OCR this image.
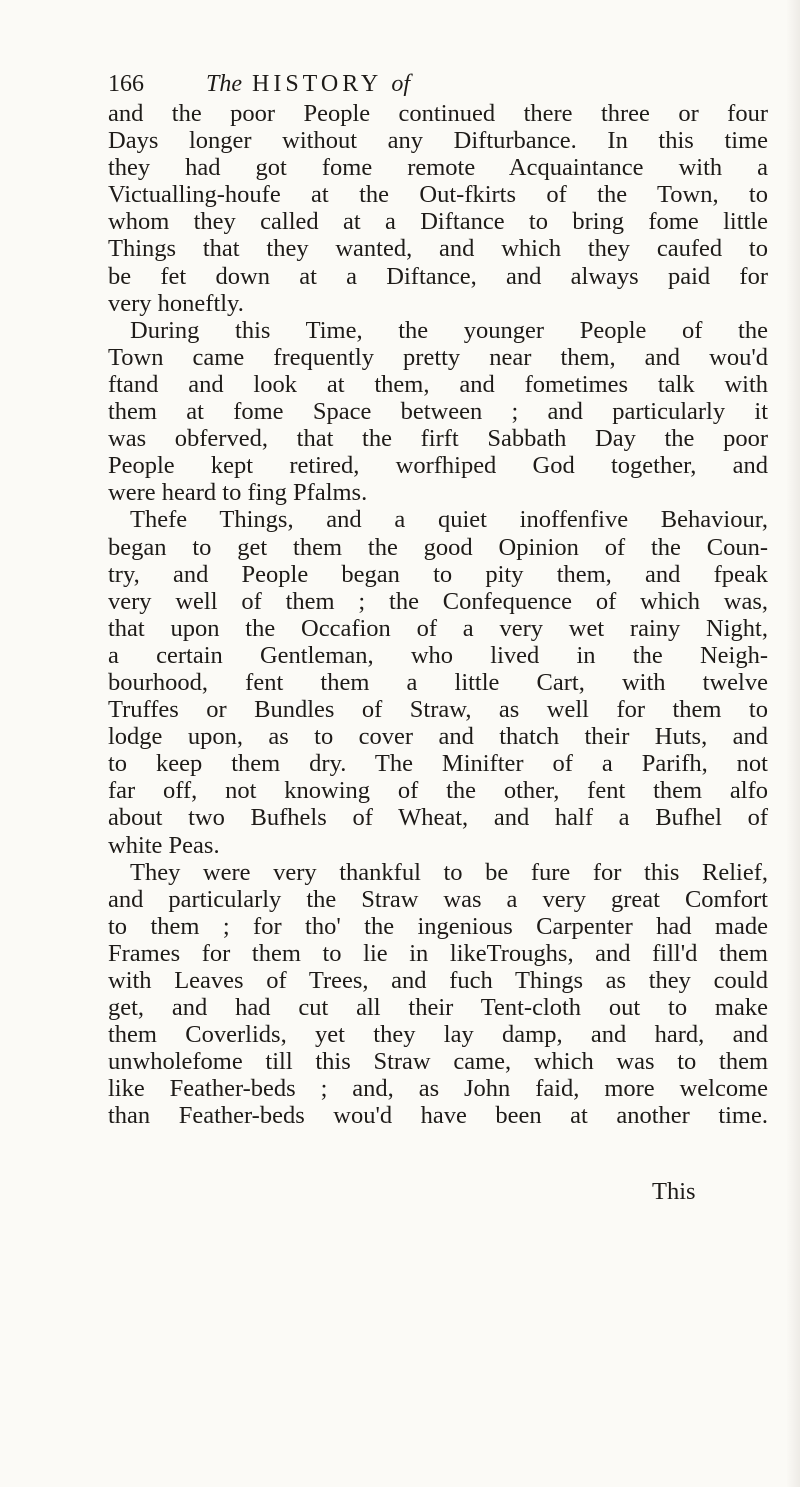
166	The HISTORY of
and the poor People continued there three or four
Days longer without any Difturbance. In this time
they had got fome remote Acquaintance with a
Victualling-houfe at the Out-fkirts of the Town, to
whom they called at a Diftance to bring fome little
Things that they wanted, and which they caufed to
be fet down at a Diftance, and always paid for
very honeftly.
During this Time, the younger People of the
Town came frequently pretty near them, and wou'd
ftand and look at them, and fometimes talk with
them at fome Space between ; and particularly it
was obferved, that the firft Sabbath Day the poor
People kept retired, worfhiped God together, and
were heard to fing Pfalms.
Thefe Things, and a quiet inoffenfive Behaviour,
began to get them the good Opinion of the Coun-
try, and People began to pity them, and fpeak
very well of them ; the Confequence of which was,
that upon the Occafion of a very wet rainy Night,
a certain Gentleman, who lived in the Neigh-
bourhood, fent them a little Cart, with twelve
Truffes or Bundles of Straw, as well for them to
lodge upon, as to cover and thatch their Huts, and
to keep them dry. The Minifter of a Parifh, not
far off, not knowing of the other, fent them alfo
about two Bufhels of Wheat, and half a Bufhel of
white Peas.
They were very thankful to be fure for this Relief,
and particularly the Straw was a very great Comfort
to them ; for tho' the ingenious Carpenter had made
Frames for them to lie in likeTroughs, and fill'd them
with Leaves of Trees, and fuch Things as they could
get, and had cut all their Tent-cloth out to make
them Coverlids, yet they lay damp, and hard, and
unwholefome till this Straw came, which was to them
like Feather-beds ; and, as John faid, more welcome
than Feather-beds wou'd have been at another time.
This
